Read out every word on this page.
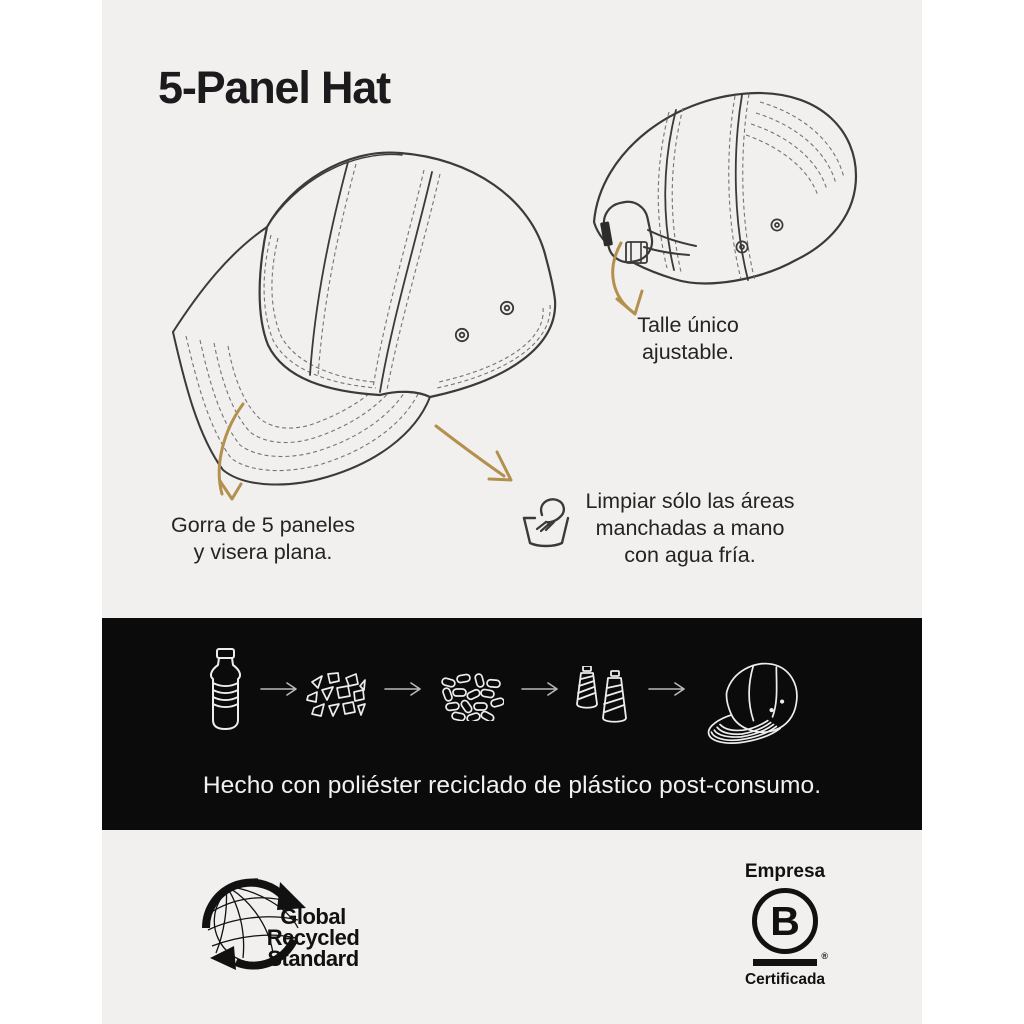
5-Panel Hat
Talle único
ajustable.
Gorra de 5 paneles
y visera plana.
Limpiar sólo las áreas
manchadas a mano
con agua fría.
Hecho con poliéster reciclado de plástico post-consumo.
Global Recycled
Standard
Empresa
B
®
Certificada
